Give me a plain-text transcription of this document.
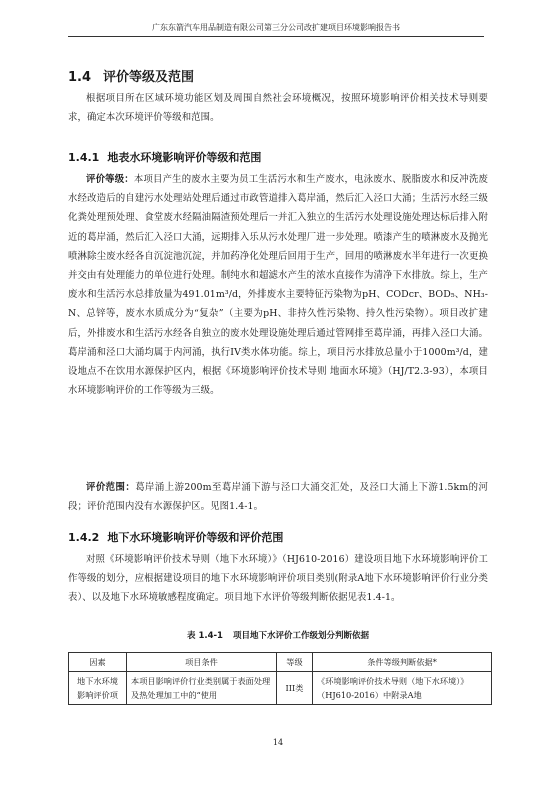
广东东箭汽车用品制造有限公司第三分公司改扩建项目环境影响报告书
1.4 评价等级及范围
根据项目所在区域环境功能区划及周围自然社会环境概况，按照环境影响评价相关技术导则要求，确定本次环境评价等级和范围。
1.4.1 地表水环境影响评价等级和范围
评价等级：本项目产生的废水主要为员工生活污水和生产废水，电泳废水、脱脂废水和反冲洗废水经改造后的自建污水处理站处理后通过市政管道排入葛岸涌，然后汇入泾口大涌；生活污水经三级化粪处理预处理、食堂废水经隔油隔渣预处理后一并汇入独立的生活污水处理设施处理达标后排入附近的葛岸涌，然后汇入泾口大涌，远期排入乐从污水处理厂进一步处理。喷漆产生的喷淋废水及抛光喷淋除尘废水经各自沉淀池沉淀，并加药净化处理后回用于生产，回用的喷淋废水半年进行一次更换并交由有处理能力的单位进行处理。制纯水和超滤水产生的浓水直接作为清净下水排放。综上，生产废水和生活污水总排放量为491.01m³/d，外排废水主要特征污染物为pH、CODcr、BOD₅、NH₃-N、总锌等，废水水质成分为“复杂”（主要为pH、非持久性污染物、持久性污染物）。项目改扩建后，外排废水和生活污水经各自独立的废水处理设施处理后通过管网排至葛岸涌，再排入泾口大涌。葛岸涌和泾口大涌均属于内河涌，执行IV类水体功能。综上，项目污水排放总量小于1000m³/d，建设地点不在饮用水源保护区内，根据《环境影响评价技术导则 地面水环境》（HJ/T2.3-93），本项目水环境影响评价的工作等级为三级。
评价范围：葛岸涌上游200m至葛岸涌下游与泾口大涌交汇处，及泾口大涌上下游1.5km的河段；评价范围内没有水源保护区。见图1.4-1。
1.4.2 地下水环境影响评价等级和评价范围
对照《环境影响评价技术导则（地下水环境）》（HJ610-2016）建设项目地下水环境影响评价工作等级的划分，应根据建设项目的地下水环境影响评价项目类别(附录A地下水环境影响评价行业分类表）、以及地下水环境敏感程度确定。项目地下水评价等级判断依据见表1.4-1。
表 1.4-1 项目地下水评价工作级划分判断依据
因素	项目条件	等级	条件等级判断依据*
地下水环境影响评价项	本项目影响评价行业类别属于表面处理及热处理加工中的“使用	III类	《环境影响评价技术导则（地下水环境）》（HJ610-2016）中附录A地
14
